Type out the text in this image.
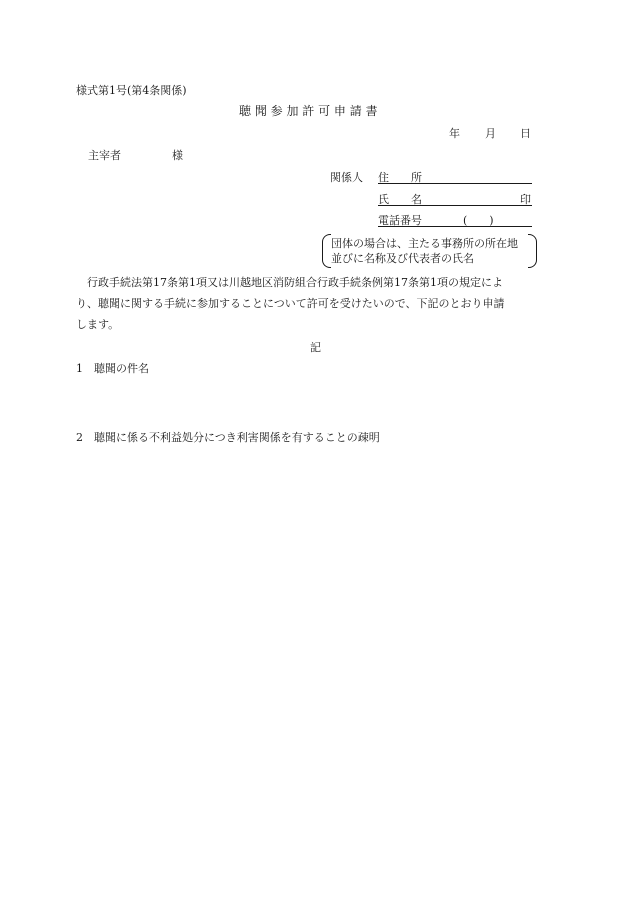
様式第1号(第4条関係)
聴 聞 参 加 許 可 申 請 書
年 月 日
主宰者	様
関係人 住　　所
氏　　名	印
電話番号	(　　)
団体の場合は、主たる事務所の所在地
並びに名称及び代表者の氏名
行政手続法第17条第1項又は川越地区消防組合行政手続条例第17条第1項の規定によ
り、聴聞に関する手続に参加することについて許可を受けたいので、下記のとおり申請
します。
記
1　聴聞の件名
2　聴聞に係る不利益処分につき利害関係を有することの疎明
